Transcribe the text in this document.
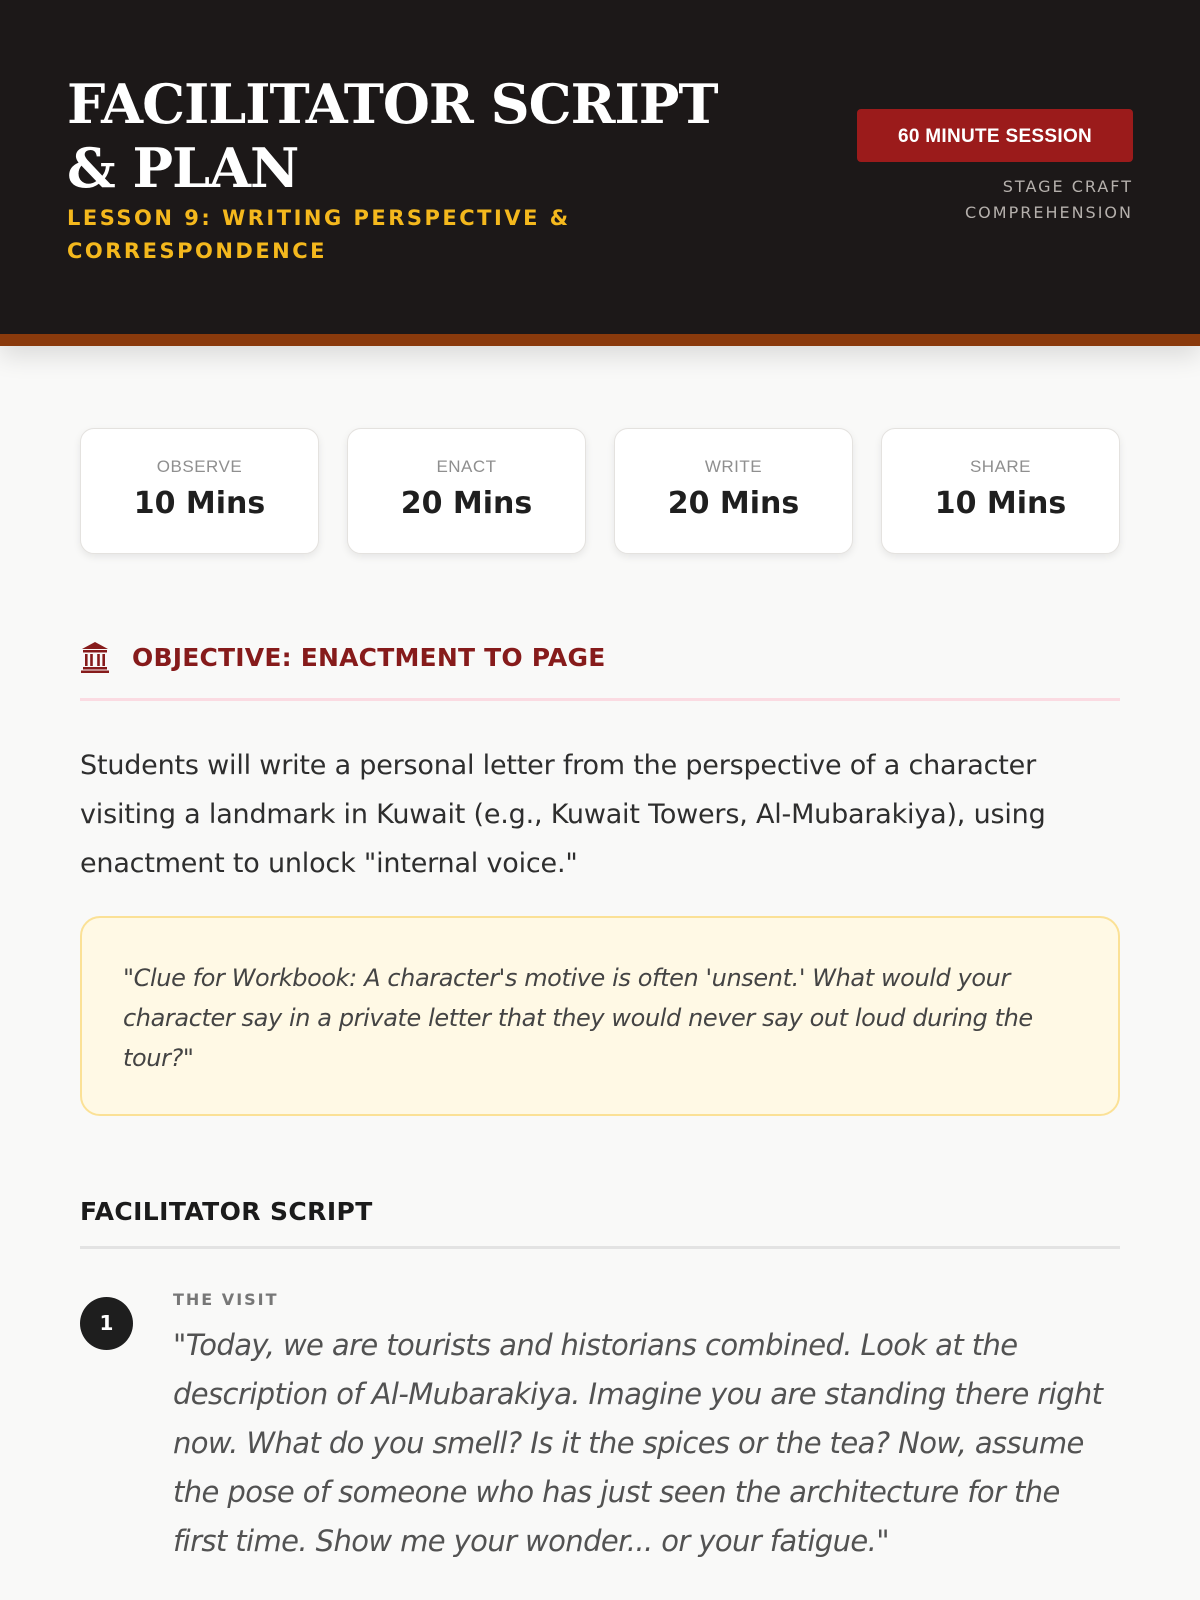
FACILITATOR SCRIPT & PLAN
LESSON 9: WRITING PERSPECTIVE & CORRESPONDENCE
60 MINUTE SESSION
STAGE CRAFT
COMPREHENSION
OBSERVE
10 Mins
ENACT
20 Mins
WRITE
20 Mins
SHARE
10 Mins
OBJECTIVE: ENACTMENT TO PAGE

Students will write a personal letter from the perspective of a character visiting a landmark in Kuwait (e.g., Kuwait Towers, Al-Mubarakiya), using enactment to unlock "internal voice."

"Clue for Workbook: A character's motive is often 'unsent.' What would your character say in a private letter that they would never say out loud during the tour?"

FACILITATOR SCRIPT
1
THE VISIT

"Today, we are tourists and historians combined. Look at the description of Al-Mubarakiya. Imagine you are standing there right now. What do you smell? Is it the spices or the tea? Now, assume the pose of someone who has just seen the architecture for the first time. Show me your wonder... or your fatigue."
